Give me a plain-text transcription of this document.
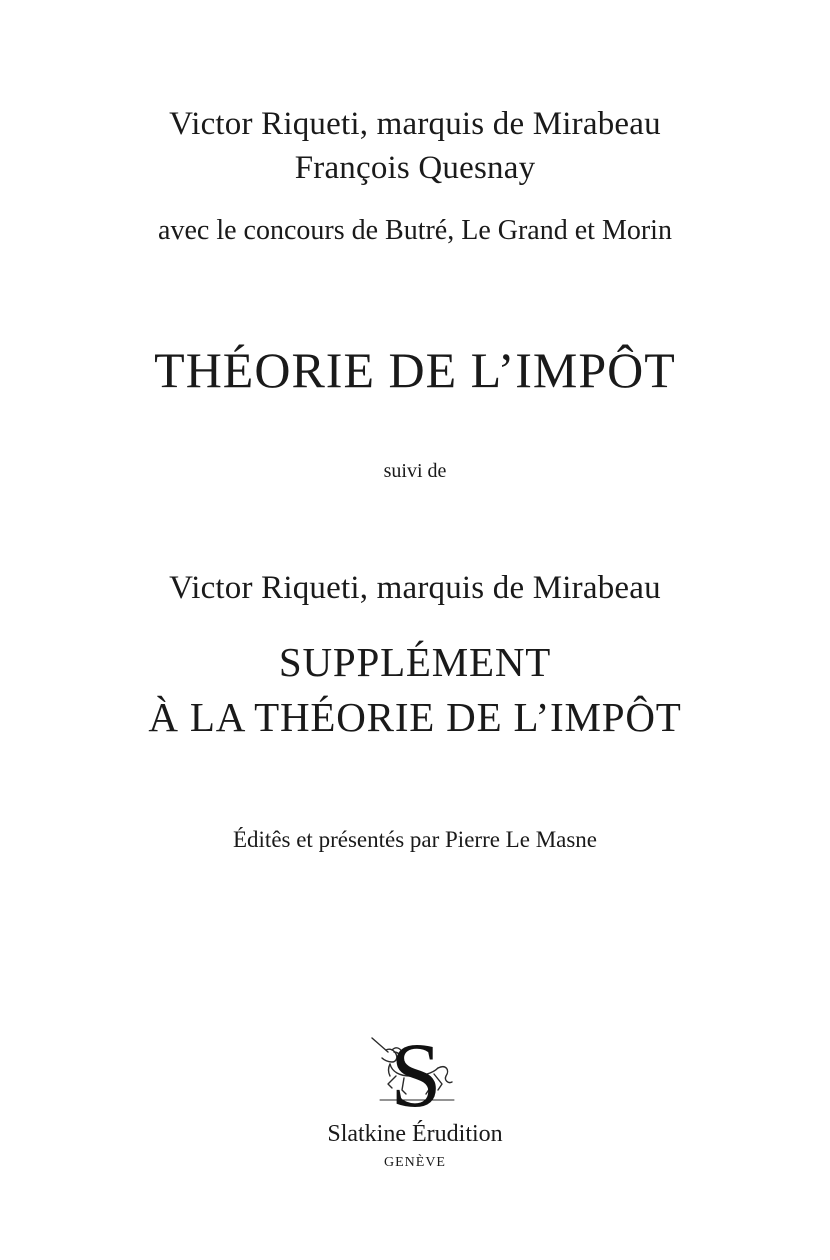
Victor Riqueti, marquis de Mirabeau
François Quesnay
avec le concours de Butré, Le Grand et Morin
THÉORIE DE L’IMPÔT
suivi de
Victor Riqueti, marquis de Mirabeau
SUPPLÉMENT
À LA THÉORIE DE L’IMPÔT
Éditês et présentés par Pierre Le Masne
S
Slatkine Érudition
GENÈVE
